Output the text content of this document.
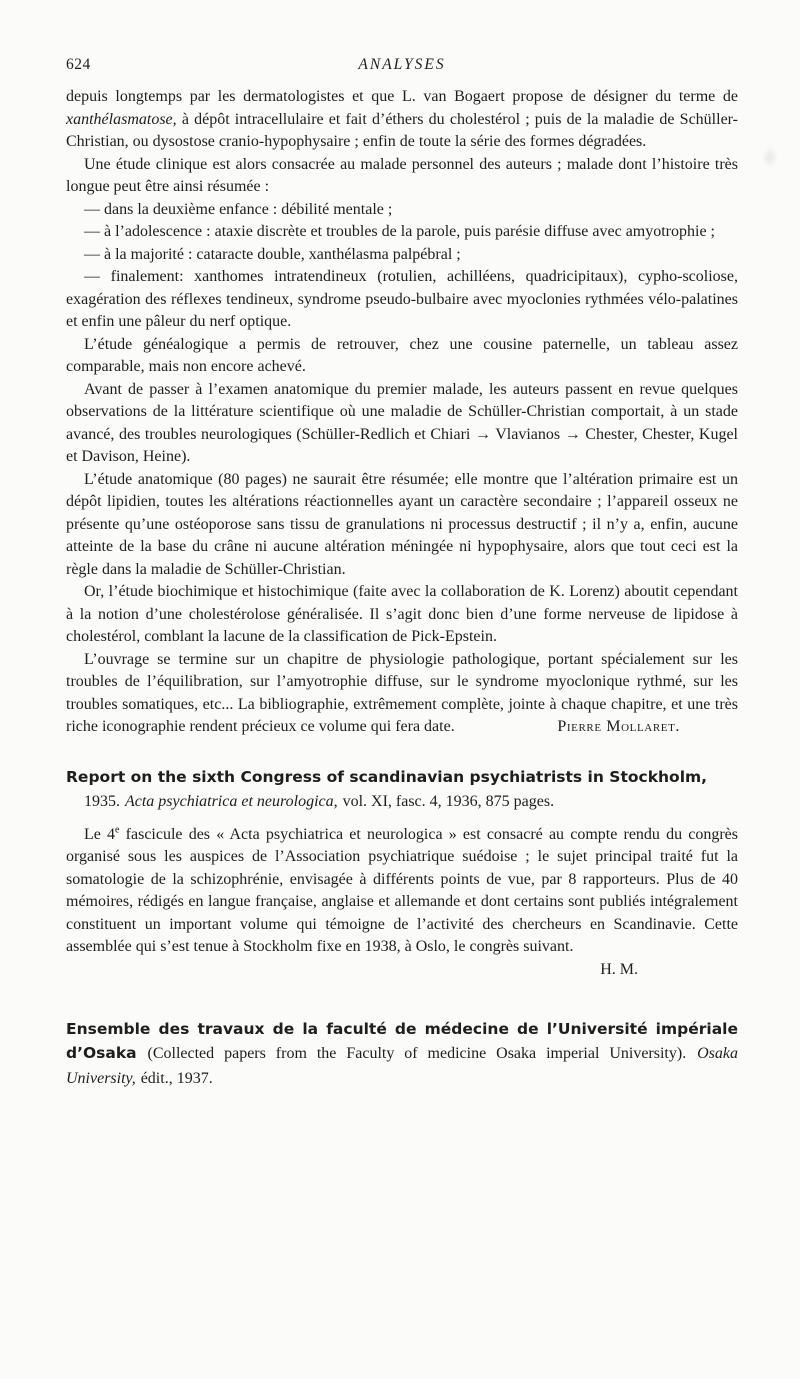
624	ANALYSES

depuis longtemps par les dermatologistes et que L. van Bogaert propose de désigner du terme de xanthélasmatose, à dépôt intracellulaire et fait d’éthers du cholestérol ; puis de la maladie de Schüller-Christian, ou dysostose cranio-hypophysaire ; enfin de toute la série des formes dégradées.

Une étude clinique est alors consacrée au malade personnel des auteurs ; malade dont l’histoire très longue peut être ainsi résumée :

— dans la deuxième enfance : débilité mentale ;

— à l’adolescence : ataxie discrète et troubles de la parole, puis parésie diffuse avec amyotrophie ;

— à la majorité : cataracte double, xanthélasma palpébral ;

— finalement: xanthomes intratendineux (rotulien, achilléens, quadricipitaux), cypho-scoliose, exagération des réflexes tendineux, syndrome pseudo-bulbaire avec myoclonies rythmées vélo-palatines et enfin une pâleur du nerf optique.

L’étude généalogique a permis de retrouver, chez une cousine paternelle, un tableau assez comparable, mais non encore achevé.

Avant de passer à l’examen anatomique du premier malade, les auteurs passent en revue quelques observations de la littérature scientifique où une maladie de Schüller-Christian comportait, à un stade avancé, des troubles neurologiques (Schüller-Redlich et Chiari → Vlavianos → Chester, Chester, Kugel et Davison, Heine).

L’étude anatomique (80 pages) ne saurait être résumée; elle montre que l’altération primaire est un dépôt lipidien, toutes les altérations réactionnelles ayant un caractère secondaire ; l’appareil osseux ne présente qu’une ostéoporose sans tissu de granulations ni processus destructif ; il n’y a, enfin, aucune atteinte de la base du crâne ni aucune altération méningée ni hypophysaire, alors que tout ceci est la règle dans la maladie de Schüller-Christian.

Or, l’étude biochimique et histochimique (faite avec la collaboration de K. Lorenz) aboutit cependant à la notion d’une cholestérolose généralisée. Il s’agit donc bien d’une forme nerveuse de lipidose à cholestérol, comblant la lacune de la classification de Pick-Epstein.

L’ouvrage se termine sur un chapitre de physiologie pathologique, portant spécialement sur les troubles de l’équilibration, sur l’amyotrophie diffuse, sur le syndrome myoclonique rythmé, sur les troubles somatiques, etc... La bibliographie, extrêmement complète, jointe à chaque chapitre, et une très riche iconographie rendent précieux ce volume qui fera date.	Pierre Mollaret.
Report on the sixth Congress of scandinavian psychiatrists in Stockholm,
1935. Acta psychiatrica et neurologica, vol. XI, fasc. 4, 1936, 875 pages.

Le 4e fascicule des « Acta psychiatrica et neurologica » est consacré au compte rendu du congrès organisé sous les auspices de l’Association psychiatrique suédoise ; le sujet principal traité fut la somatologie de la schizophrénie, envisagée à différents points de vue, par 8 rapporteurs. Plus de 40 mémoires, rédigés en langue française, anglaise et allemande et dont certains sont publiés intégralement constituent un important volume qui témoigne de l’activité des chercheurs en Scandinavie. Cette assemblée qui s’est tenue à Stockholm fixe en 1938, à Oslo, le congrès suivant.

H. M.
Ensemble des travaux de la faculté de médecine de l’Université impériale d’Osaka (Collected papers from the Faculty of medicine Osaka imperial University). Osaka University, édit., 1937.
